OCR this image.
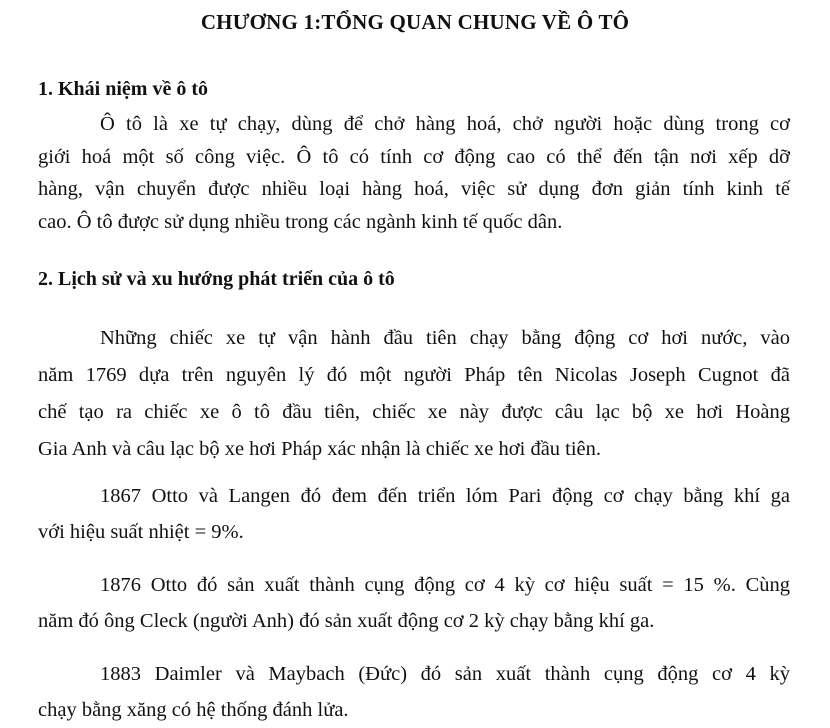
CHƯƠNG 1:TỔNG QUAN CHUNG VỀ Ô TÔ
1. Khái niệm về ô tô
Ô tô là xe tự chạy, dùng để chở hàng hoá, chở người hoặc dùng trong cơ
giới hoá một số công việc. Ô tô có tính cơ động cao có thể đến tận nơi xếp dỡ
hàng, vận chuyển được nhiều loại hàng hoá, việc sử dụng đơn giản tính kinh tế
cao. Ô tô được sử dụng nhiều trong các ngành kinh tế quốc dân.
2. Lịch sử và xu hướng phát triển của ô tô
Những chiếc xe tự vận hành đầu tiên chạy bằng động cơ hơi nước, vào
năm 1769 dựa trên nguyên lý đó một người Pháp tên Nicolas Joseph Cugnot đã
chế tạo ra chiếc xe ô tô đầu tiên, chiếc xe này được câu lạc bộ xe hơi Hoàng
Gia Anh và câu lạc bộ xe hơi Pháp xác nhận là chiếc xe hơi đầu tiên.
1867 Otto và Langen đó đem đến triển lóm Pari động cơ chạy bằng khí ga
với hiệu suất nhiệt = 9%.
1876 Otto đó sản xuất thành cụng động cơ 4 kỳ cơ hiệu suất = 15 %. Cùng
năm đó ông Cleck (người Anh) đó sản xuất động cơ 2 kỳ chạy bằng khí ga.
1883 Daimler và Maybach (Đức) đó sản xuất thành cụng động cơ 4 kỳ
chạy bằng xăng có hệ thống đánh lửa.
